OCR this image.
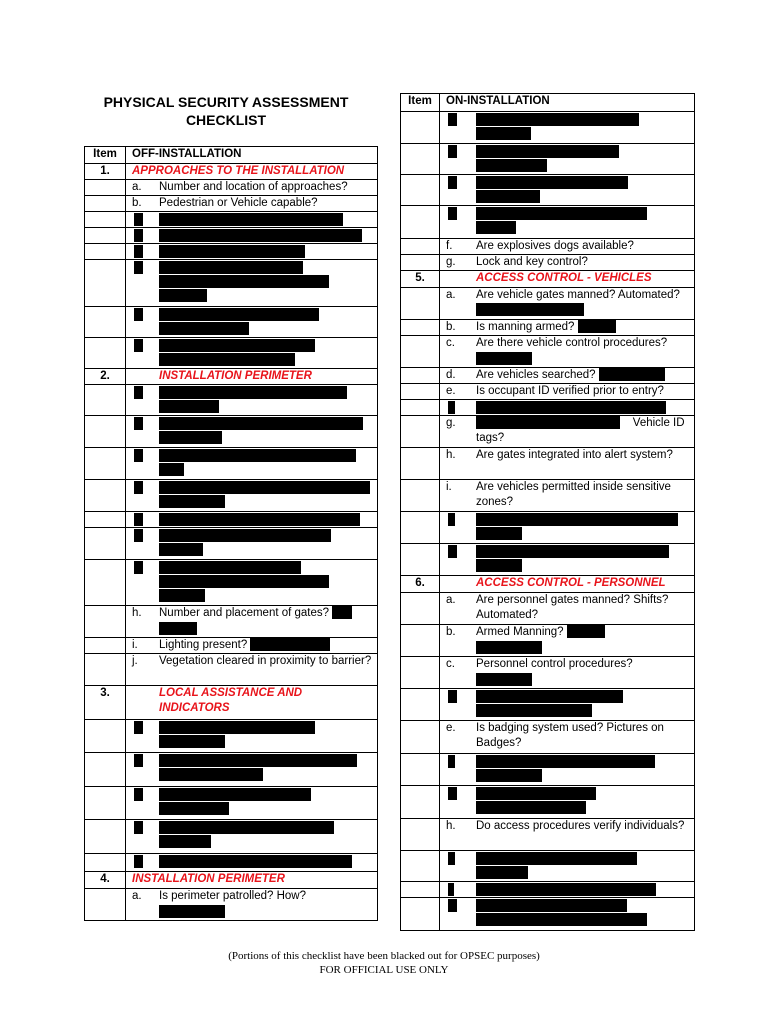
PHYSICAL SECURITY ASSESSMENT
CHECKLIST
Item	OFF-INSTALLATION
1.	APPROACHES TO THE INSTALLATION

	a. Number and location of approaches?

	b. Pedestrian or Vehicle capable?

2.	INSTALLATION PERIMETER

	h. Number and placement of gates?

	i. Lighting present?

	j. Vegetation cleared in proximity to barrier?

3.	LOCAL ASSISTANCE AND INDICATORS

4.	INSTALLATION PERIMETER

	a. Is perimeter patrolled? How?

Item	ON-INSTALLATION

	f. Are explosives dogs available?

	g. Lock and key control?

5.	ACCESS CONTROL - VEHICLES

	a. Are vehicle gates manned? Automated?

	b. Is manning armed?

	c. Are there vehicle control procedures?

	d. Are vehicles searched?

	e. Is occupant ID verified prior to entry?

	g. Vehicle ID tags?

	h. Are gates integrated into alert system?

	i. Are vehicles permitted inside sensitive zones?

6.	ACCESS CONTROL - PERSONNEL

	a. Are personnel gates manned? Shifts? Automated?

	b. Armed Manning?

	c. Personnel control procedures?

	e. Is badging system used? Pictures on Badges?

	h. Do access procedures verify individuals?

(Portions of this checklist have been blacked out for OPSEC purposes)
FOR OFFICIAL USE ONLY
